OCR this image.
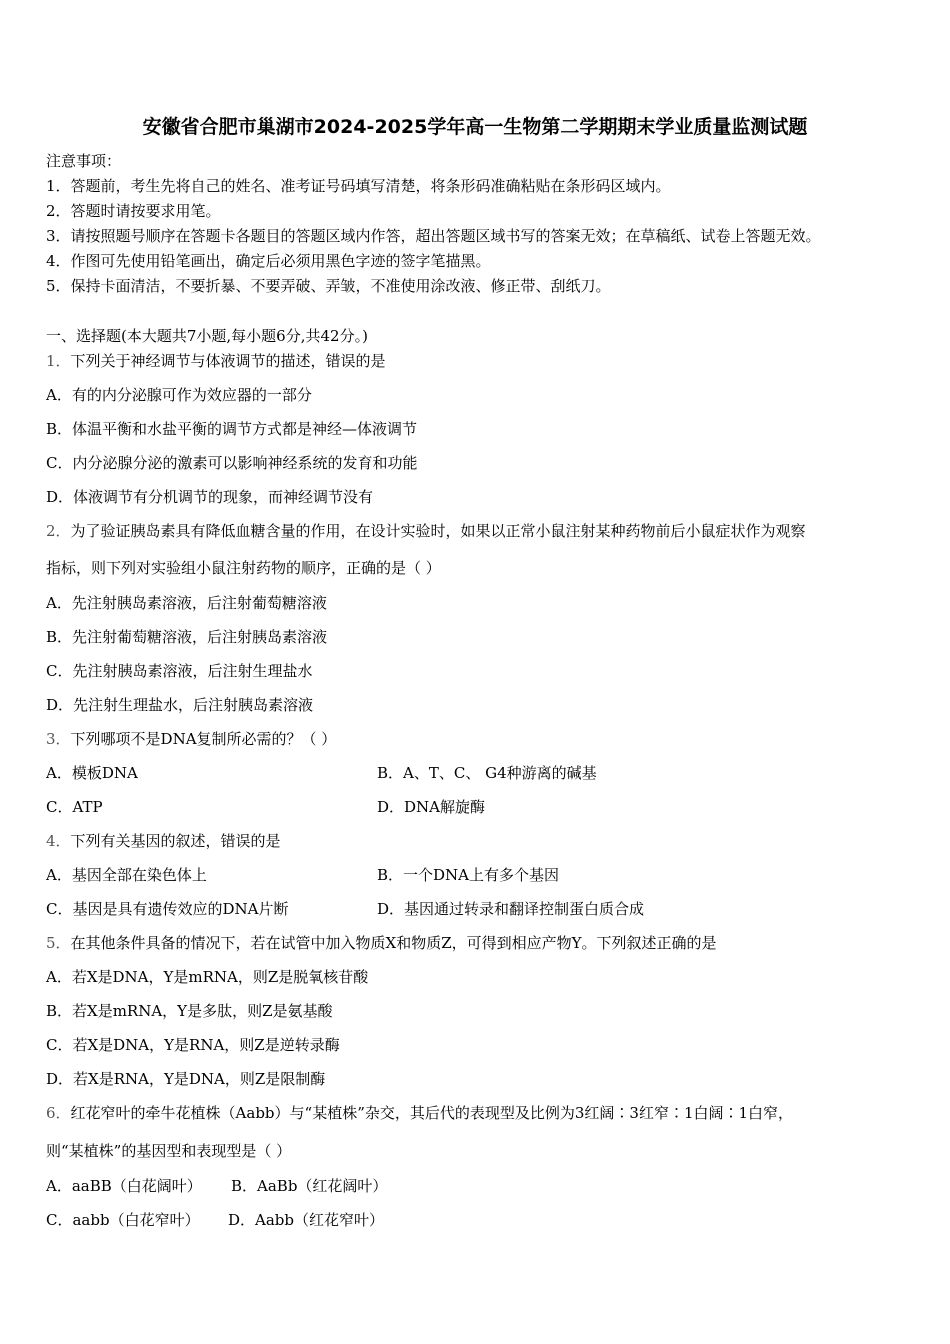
安徽省合肥市巢湖市2024-2025学年高一生物第二学期期末学业质量监测试题
注意事项：
1．答题前，考生先将自己的姓名、准考证号码填写清楚，将条形码准确粘贴在条形码区域内。
2．答题时请按要求用笔。
3．请按照题号顺序在答题卡各题目的答题区域内作答，超出答题区域书写的答案无效；在草稿纸、试卷上答题无效。
4．作图可先使用铅笔画出，确定后必须用黑色字迹的签字笔描黑。
5．保持卡面清洁，不要折暴、不要弄破、弄皱，不准使用涂改液、修正带、刮纸刀。
一、选择题(本大题共7小题,每小题6分,共42分。)
1．下列关于神经调节与体液调节的描述，错误的是
A．有的内分泌腺可作为效应器的一部分
B．体温平衡和水盐平衡的调节方式都是神经—体液调节
C．内分泌腺分泌的激素可以影响神经系统的发育和功能
D．体液调节有分机调节的现象，而神经调节没有
2．为了验证胰岛素具有降低血糖含量的作用，在设计实验时，如果以正常小鼠注射某种药物前后小鼠症状作为观察
指标，则下列对实验组小鼠注射药物的顺序，正确的是（ ）
A．先注射胰岛素溶液，后注射葡萄糖溶液
B．先注射葡萄糖溶液，后注射胰岛素溶液
C．先注射胰岛素溶液，后注射生理盐水
D．先注射生理盐水，后注射胰岛素溶液
3．下列哪项不是DNA复制所必需的？（ ）
A．模板DNA	B．A、T、C、 G4种游离的碱基
C．ATP	D．DNA解旋酶
4．下列有关基因的叙述，错误的是
A．基因全部在染色体上	B．一个DNA上有多个基因
C．基因是具有遗传效应的DNA片断	D．基因通过转录和翻译控制蛋白质合成
5．在其他条件具备的情况下，若在试管中加入物质X和物质Z，可得到相应产物Y。下列叙述正确的是
A．若X是DNA，Y是mRNA，则Z是脱氧核苷酸
B．若X是mRNA，Y是多肽，则Z是氨基酸
C．若X是DNA，Y是RNA，则Z是逆转录酶
D．若X是RNA，Y是DNA，则Z是限制酶
6．红花窄叶的牵牛花植株（Aabb）与“某植株”杂交，其后代的表现型及比例为3红阔∶3红窄∶1白阔∶1白窄，
则“某植株”的基因型和表现型是（ ）
A．aaBB（白花阔叶） B．AaBb（红花阔叶）
C．aabb（白花窄叶） D．Aabb（红花窄叶）
